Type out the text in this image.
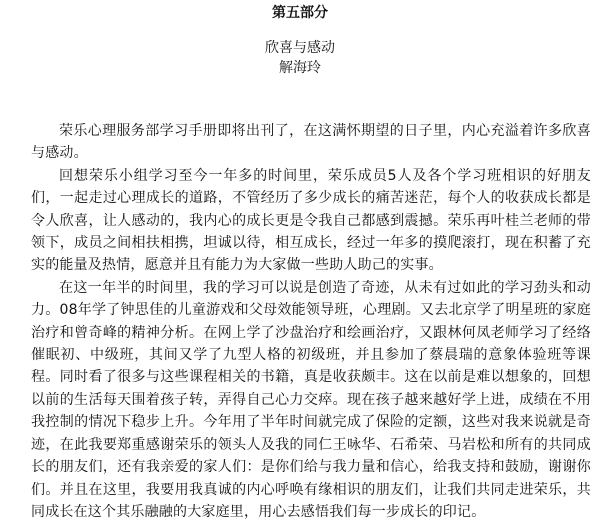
第五部分
欣喜与感动
解海玲

荣乐心理服务部学习手册即将出刊了，在这满怀期望的日子里，内心充溢着许多欣喜与感动。

回想荣乐小组学习至今一年多的时间里，荣乐成员5人及各个学习班相识的好朋友们，一起走过心理成长的道路，不管经历了多少成长的痛苦迷茫，每个人的收获成长都是令人欣喜，让人感动的，我内心的成长更是令我自己都感到震撼。荣乐再叶桂兰老师的带领下，成员之间相扶相携，坦诚以待，相互成长，经过一年多的摸爬滚打，现在积蓄了充实的能量及热情，愿意并且有能力为大家做一些助人助己的实事。

在这一年半的时间里，我的学习可以说是创造了奇迹，从未有过如此的学习劲头和动力。08年学了钟思佳的儿童游戏和父母效能领导班，心理剧。又去北京学了明星班的家庭治疗和曾奇峰的精神分析。在网上学了沙盘治疗和绘画治疗，又跟林何凤老师学习了经络催眠初、中级班，其间又学了九型人格的初级班，并且参加了蔡晨瑞的意象体验班等课程。同时看了很多与这些课程相关的书籍，真是收获颇丰。这在以前是难以想象的，回想以前的生活每天围着孩子转，弄得自己心力交瘁。现在孩子越来越好学上进，成绩在不用我控制的情况下稳步上升。今年用了半年时间就完成了保险的定额，这些对我来说就是奇迹，在此我要郑重感谢荣乐的领头人及我的同仁王咏华、石希荣、马岩松和所有的共同成长的朋友们，还有我亲爱的家人们：是你们给与我力量和信心，给我支持和鼓励，谢谢你们。并且在这里，我要用我真诚的内心呼唤有缘相识的朋友们，让我们共同走进荣乐，共同成长在这个其乐融融的大家庭里，用心去感悟我们每一步成长的印记。
